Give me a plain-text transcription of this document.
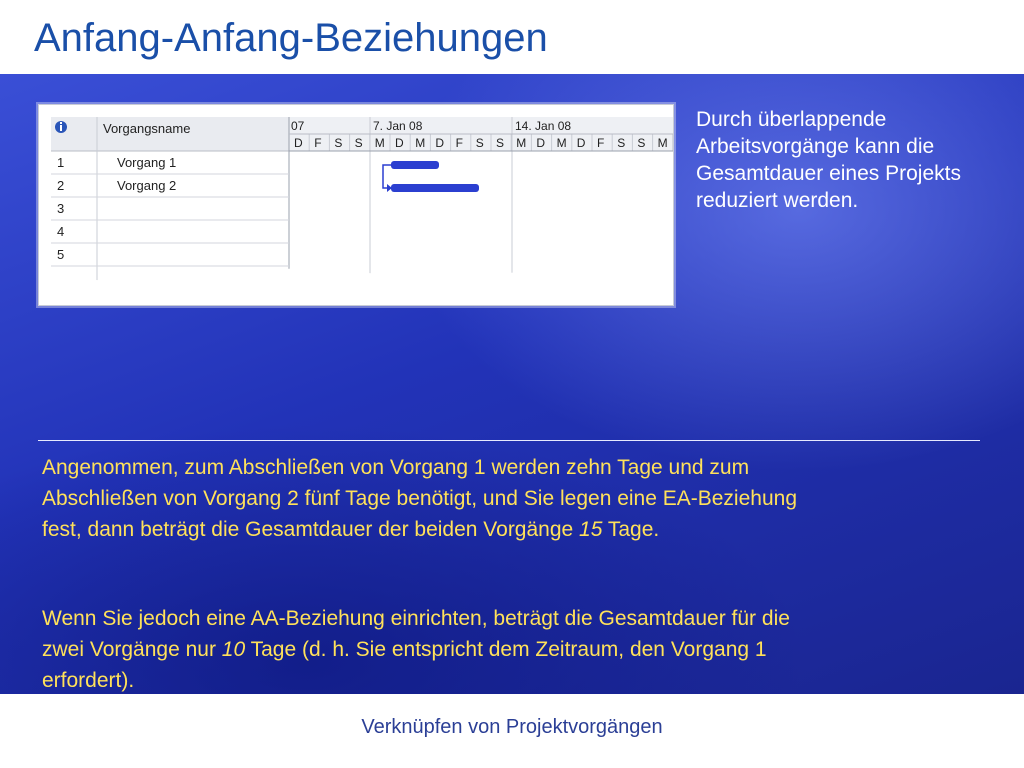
Anfang-Anfang-Beziehungen
Vorgangsname
1	Vorgang 1
2	Vorgang 2
3
4
5
07	7. Jan 08	14. Jan 08
D F S S M D M D F S S M D M D F S S M

Durch überlappende Arbeitsvorgänge kann die Gesamtdauer eines Projekts reduziert werden.

Angenommen, zum Abschließen von Vorgang 1 werden zehn Tage und zum Abschließen von Vorgang 2 fünf Tage benötigt, und Sie legen eine EA-Beziehung fest, dann beträgt die Gesamtdauer der beiden Vorgänge 15 Tage.

Wenn Sie jedoch eine AA-Beziehung einrichten, beträgt die Gesamtdauer für die zwei Vorgänge nur 10 Tage (d. h. Sie entspricht dem Zeitraum, den Vorgang 1 erfordert).

Verknüpfen von Projektvorgängen
